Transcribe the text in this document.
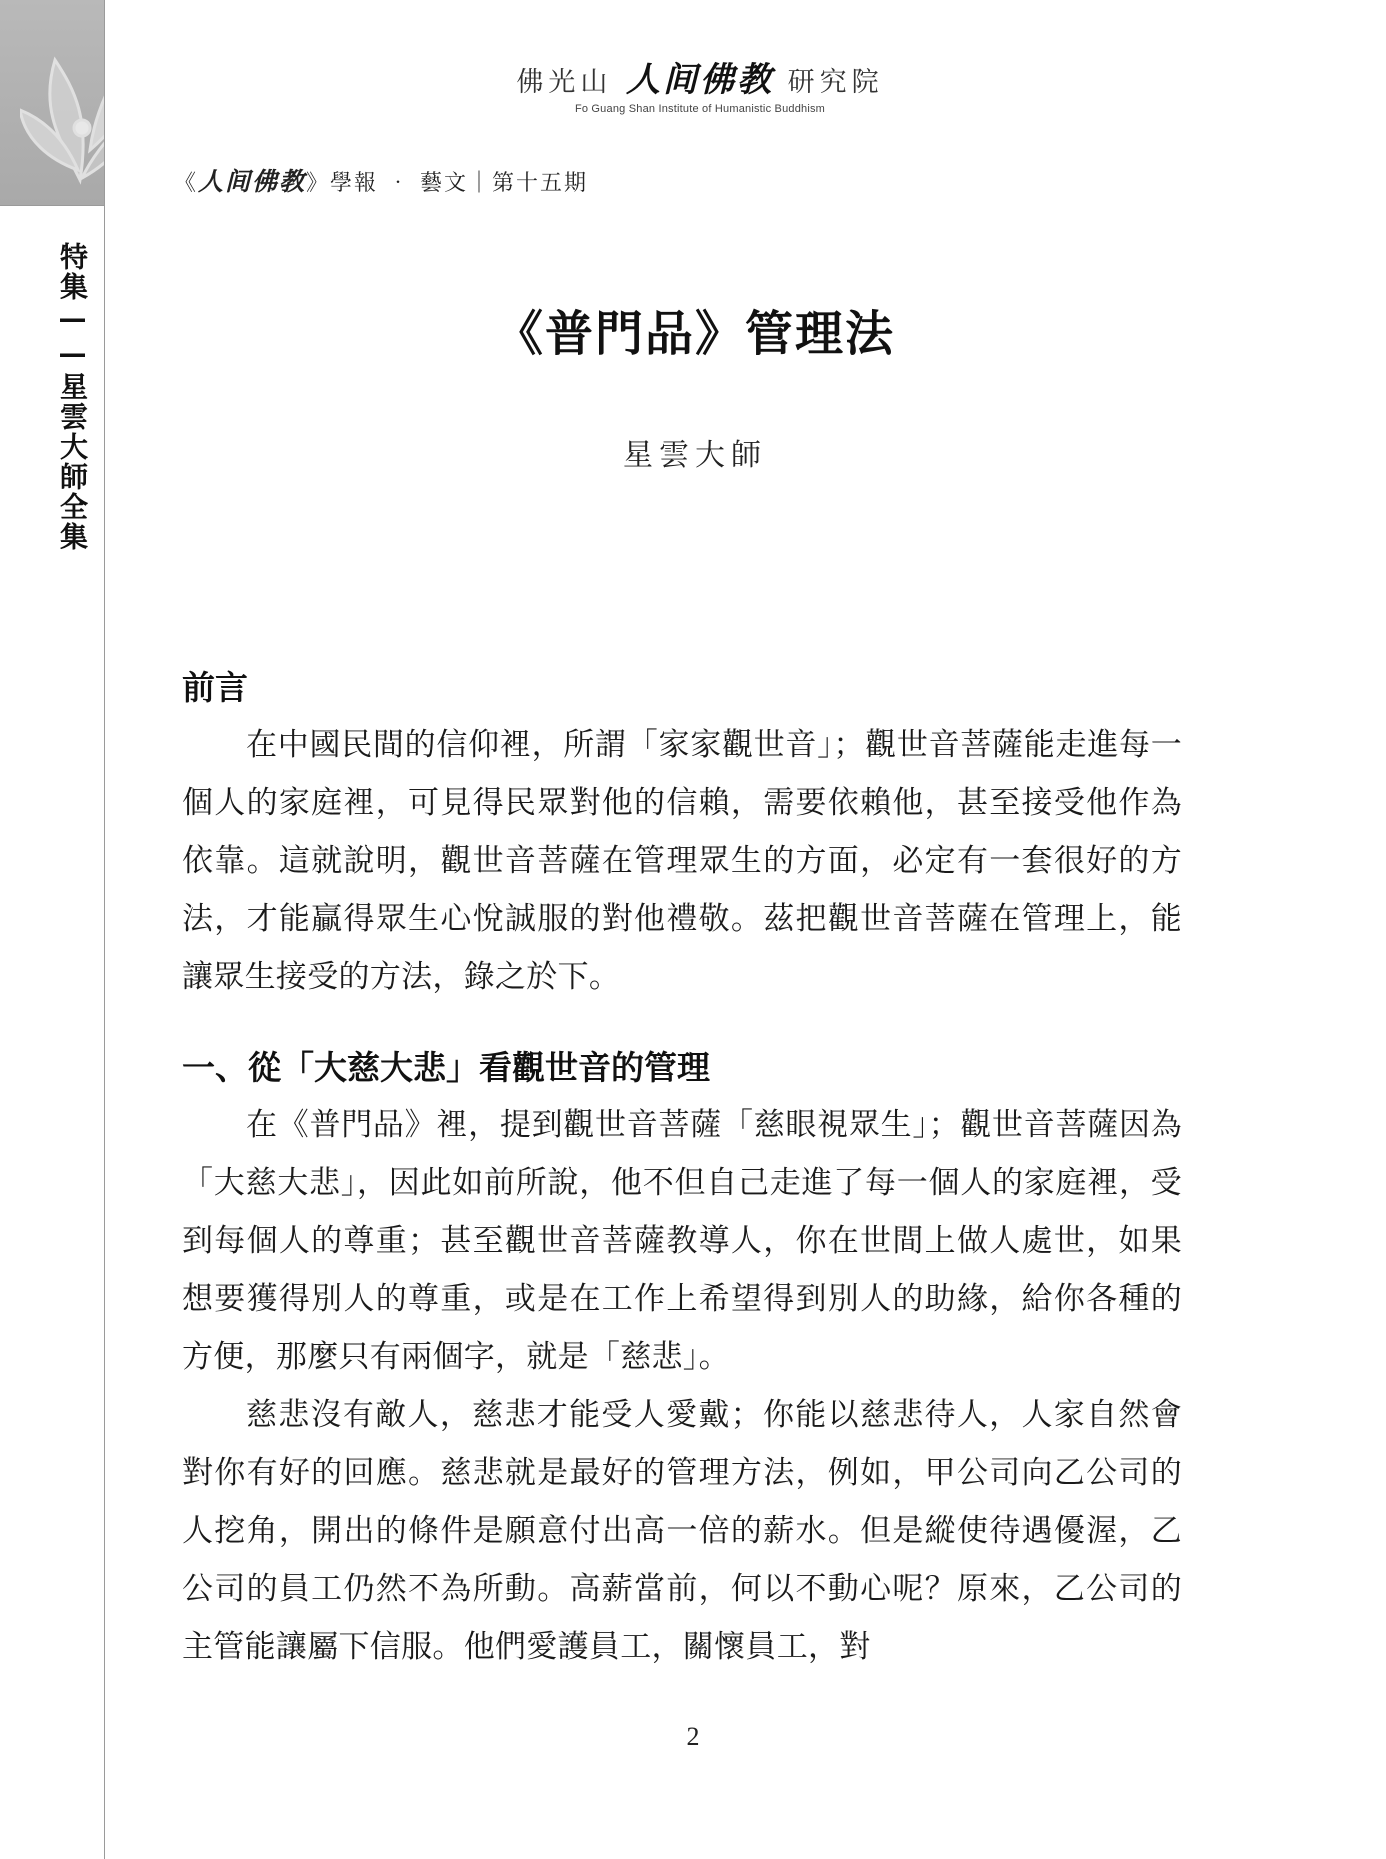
特集——星雲大師全集
佛光山 人间佛教 研究院
Fo Guang Shan Institute of Humanistic Buddhism
《人间佛教》學報 ‧ 藝文｜第十五期
《普門品》管理法
星雲大師
前言

在中國民間的信仰裡，所謂「家家觀世音」；觀世音菩薩能走進每一個人的家庭裡，可見得民眾對他的信賴，需要依賴他，甚至接受他作為依靠。這就說明，觀世音菩薩在管理眾生的方面，必定有一套很好的方法，才能贏得眾生心悅誠服的對他禮敬。茲把觀世音菩薩在管理上，能讓眾生接受的方法，錄之於下。

一、從「大慈大悲」看觀世音的管理

在《普門品》裡，提到觀世音菩薩「慈眼視眾生」；觀世音菩薩因為「大慈大悲」，因此如前所說，他不但自己走進了每一個人的家庭裡，受到每個人的尊重；甚至觀世音菩薩教導人，你在世間上做人處世，如果想要獲得別人的尊重，或是在工作上希望得到別人的助緣，給你各種的方便，那麼只有兩個字，就是「慈悲」。

慈悲沒有敵人，慈悲才能受人愛戴；你能以慈悲待人，人家自然會對你有好的回應。慈悲就是最好的管理方法，例如，甲公司向乙公司的人挖角，開出的條件是願意付出高一倍的薪水。但是縱使待遇優渥，乙公司的員工仍然不為所動。高薪當前，何以不動心呢？原來，乙公司的主管能讓屬下信服。他們愛護員工，關懷員工，對

2
